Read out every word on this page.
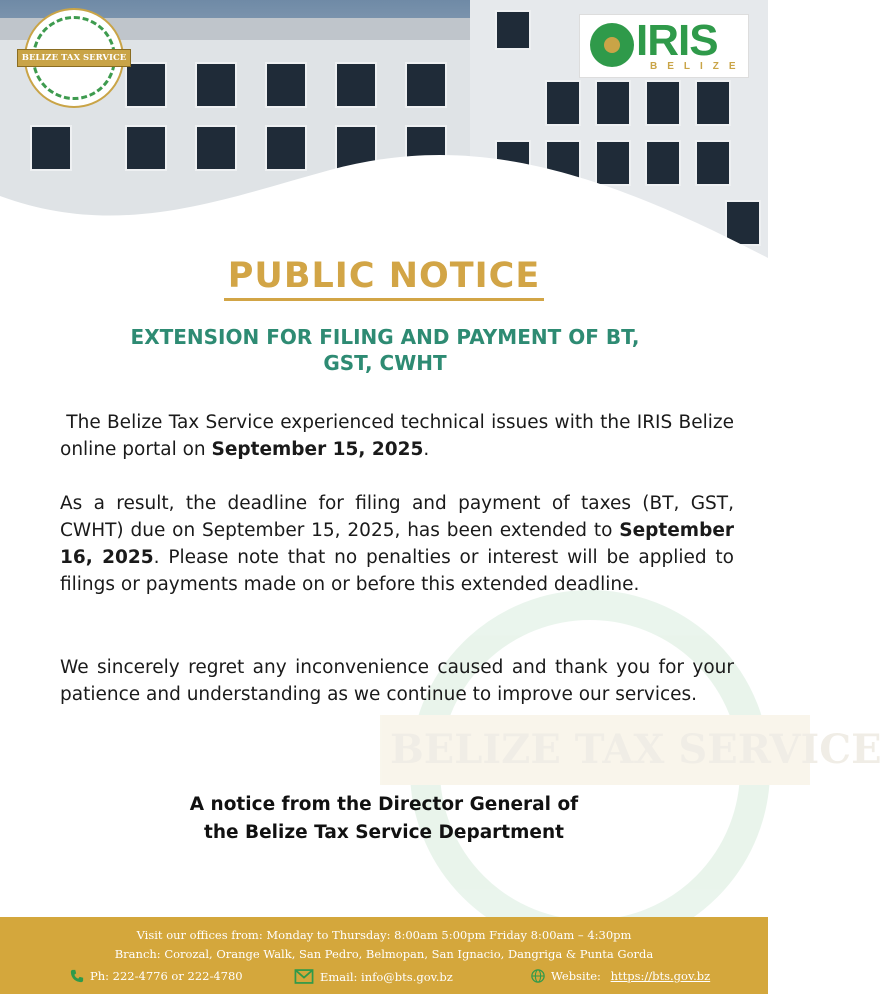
BELIZE TAX SERVICE	IRIS
BELIZE
BELIZE TAX SERVICE
PUBLIC NOTICE
EXTENSION FOR FILING AND PAYMENT OF BT,
GST, CWHT
The Belize Tax Service experienced technical issues with the IRIS Belize online portal on September 15, 2025.
As a result, the deadline for filing and payment of taxes (BT, GST, CWHT) due on September 15, 2025, has been extended to September 16, 2025. Please note that no penalties or interest will be applied to filings or payments made on or before this extended deadline.
We sincerely regret any inconvenience caused and thank you for your patience and understanding as we continue to improve our services.
A notice from the Director General of
the Belize Tax Service Department
Visit our offices from: Monday to Thursday: 8:00am 5:00pm Friday 8:00am – 4:30pm
Branch: Corozal, Orange Walk, San Pedro, Belmopan, San Ignacio, Dangriga & Punta Gorda
Ph: 222-4776 or 222-4780	Email: info@bts.gov.bz	Website: https://bts.gov.bz
